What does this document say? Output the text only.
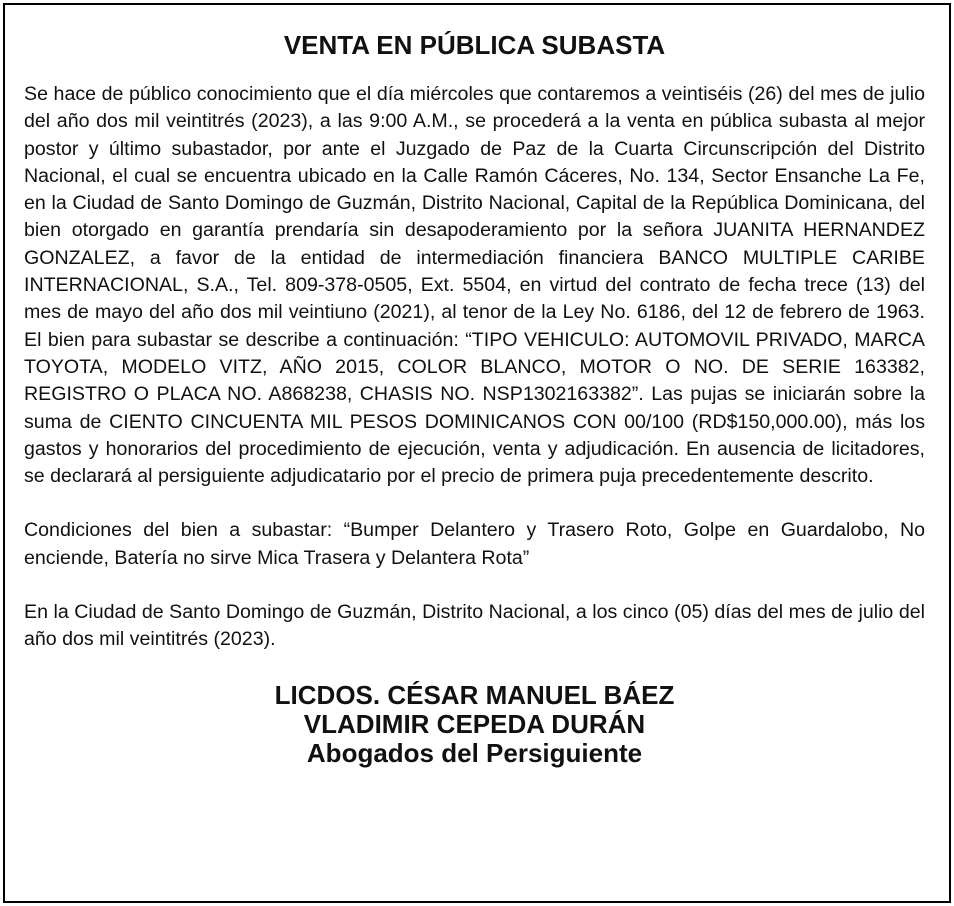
VENTA EN PÚBLICA SUBASTA

Se hace de público conocimiento que el día miércoles que contaremos a veintiséis (26) del mes de julio del año dos mil veintitrés (2023), a las 9:00 A.M., se procederá a la venta en pública subasta al mejor postor y último subastador, por ante el Juzgado de Paz de la Cuarta Circunscripción del Distrito Nacional, el cual se encuentra ubicado en la Calle Ramón Cáceres, No. 134, Sector Ensanche La Fe, en la Ciudad de Santo Domingo de Guzmán, Distrito Nacional, Capital de la República Dominicana, del bien otorgado en garantía prendaría sin desapoderamiento por la señora JUANITA HERNANDEZ GONZALEZ, a favor de la entidad de intermediación financiera BANCO MULTIPLE CARIBE INTERNACIONAL, S.A., Tel. 809-378-0505, Ext. 5504, en virtud del contrato de fecha trece (13) del mes de mayo del año dos mil veintiuno (2021), al tenor de la Ley No. 6186, del 12 de febrero de 1963. El bien para subastar se describe a continuación: “TIPO VEHICULO: AUTOMOVIL PRIVADO, MARCA TOYOTA, MODELO VITZ, AÑO 2015, COLOR BLANCO, MOTOR O NO. DE SERIE 163382, REGISTRO O PLACA NO. A868238, CHASIS NO. NSP1302163382”. Las pujas se iniciarán sobre la suma de CIENTO CINCUENTA MIL PESOS DOMINICANOS CON 00/100 (RD$150,000.00), más los gastos y honorarios del procedimiento de ejecución, venta y adjudicación. En ausencia de licitadores, se declarará al persiguiente adjudicatario por el precio de primera puja precedentemente descrito.

Condiciones del bien a subastar: “Bumper Delantero y Trasero Roto, Golpe en Guardalobo, No enciende, Batería no sirve Mica Trasera y Delantera Rota”

En la Ciudad de Santo Domingo de Guzmán, Distrito Nacional, a los cinco (05) días del mes de julio del año dos mil veintitrés (2023).

LICDOS. CÉSAR MANUEL BÁEZ
VLADIMIR CEPEDA DURÁN
Abogados del Persiguiente
